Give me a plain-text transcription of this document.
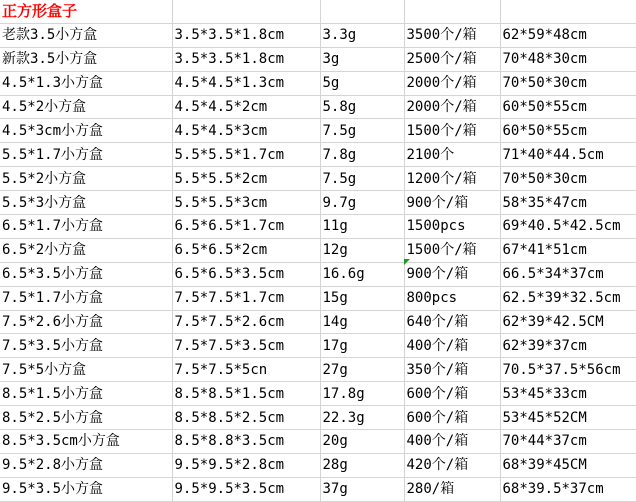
正方形盒子				
老款3.5小方盒	3.5*3.5*1.8cm	3.3g	3500个/箱	62*59*48cm
新款3.5小方盒	3.5*3.5*1.8cm	3g	2500个/箱	70*48*30cm
4.5*1.3小方盒	4.5*4.5*1.3cm	5g	2000个/箱	70*50*30cm
4.5*2小方盒	4.5*4.5*2cm	5.8g	2000个/箱	60*50*55cm
4.5*3cm小方盒	4.5*4.5*3cm	7.5g	1500个/箱	60*50*55cm
5.5*1.7小方盒	5.5*5.5*1.7cm	7.8g	2100个	71*40*44.5cm
5.5*2小方盒	5.5*5.5*2cm	7.5g	1200个/箱	70*50*30cm
5.5*3小方盒	5.5*5.5*3cm	9.7g	900个/箱	58*35*47cm
6.5*1.7小方盒	6.5*6.5*1.7cm	11g	1500pcs	69*40.5*42.5cm
6.5*2小方盒	6.5*6.5*2cm	12g	1500个/箱	67*41*51cm
6.5*3.5小方盒	6.5*6.5*3.5cm	16.6g	900个/箱	66.5*34*37cm
7.5*1.7小方盒	7.5*7.5*1.7cm	15g	800pcs	62.5*39*32.5cm
7.5*2.6小方盒	7.5*7.5*2.6cm	14g	640个/箱	62*39*42.5CM
7.5*3.5小方盒	7.5*7.5*3.5cm	17g	400个/箱	62*39*37cm
7.5*5小方盒	7.5*7.5*5cn	27g	350个/箱	70.5*37.5*56cm
8.5*1.5小方盒	8.5*8.5*1.5cm	17.8g	600个/箱	53*45*33cm
8.5*2.5小方盒	8.5*8.5*2.5cm	22.3g	600个/箱	53*45*52CM
8.5*3.5cm小方盒	8.5*8.8*3.5cm	20g	400个/箱	70*44*37cm
9.5*2.8小方盒	9.5*9.5*2.8cm	28g	420个/箱	68*39*45CM
9.5*3.5小方盒	9.5*9.5*3.5cm	37g	280/箱	68*39.5*37cm
